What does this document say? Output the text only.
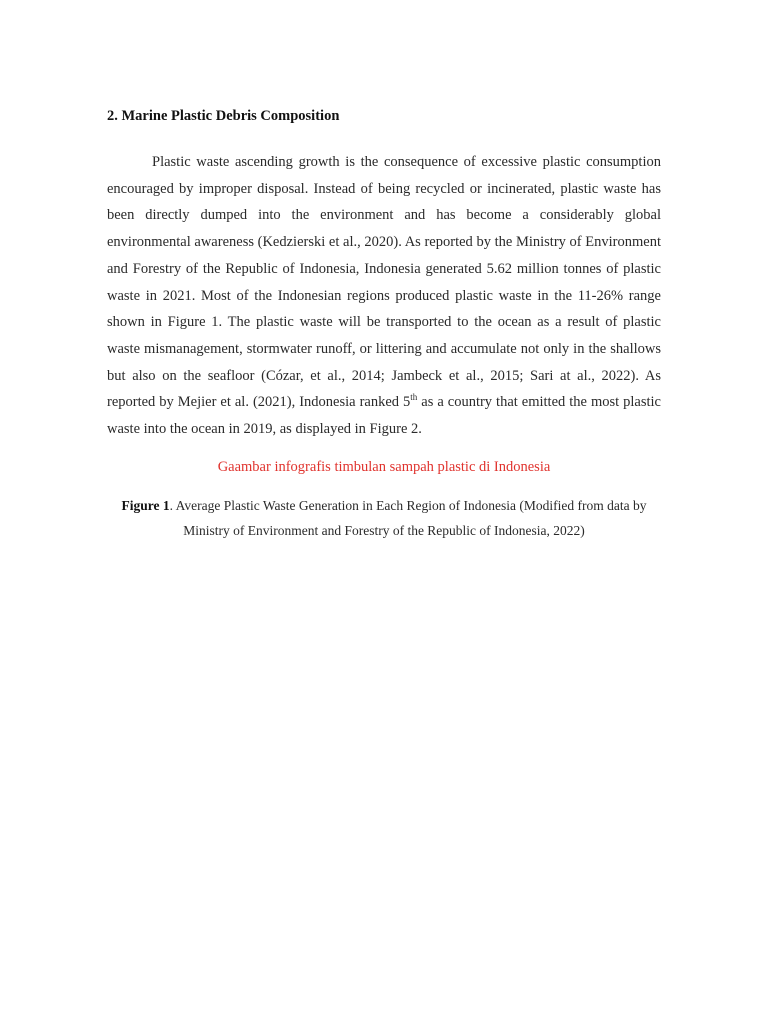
2. Marine Plastic Debris Composition

Plastic waste ascending growth is the consequence of excessive plastic consumption encouraged by improper disposal. Instead of being recycled or incinerated, plastic waste has been directly dumped into the environment and has become a considerably global environmental awareness (Kedzierski et al., 2020). As reported by the Ministry of Environment and Forestry of the Republic of Indonesia, Indonesia generated 5.62 million tonnes of plastic waste in 2021. Most of the Indonesian regions produced plastic waste in the 11-26% range shown in Figure 1. The plastic waste will be transported to the ocean as a result of plastic waste mismanagement, stormwater runoff, or littering and accumulate not only in the shallows but also on the seafloor (Cózar, et al., 2014; Jambeck et al., 2015; Sari at al., 2022). As reported by Mejier et al. (2021), Indonesia ranked 5th as a country that emitted the most plastic waste into the ocean in 2019, as displayed in Figure 2.

Gaambar infografis timbulan sampah plastic di Indonesia

Figure 1. Average Plastic Waste Generation in Each Region of Indonesia (Modified from data by Ministry of Environment and Forestry of the Republic of Indonesia, 2022)
